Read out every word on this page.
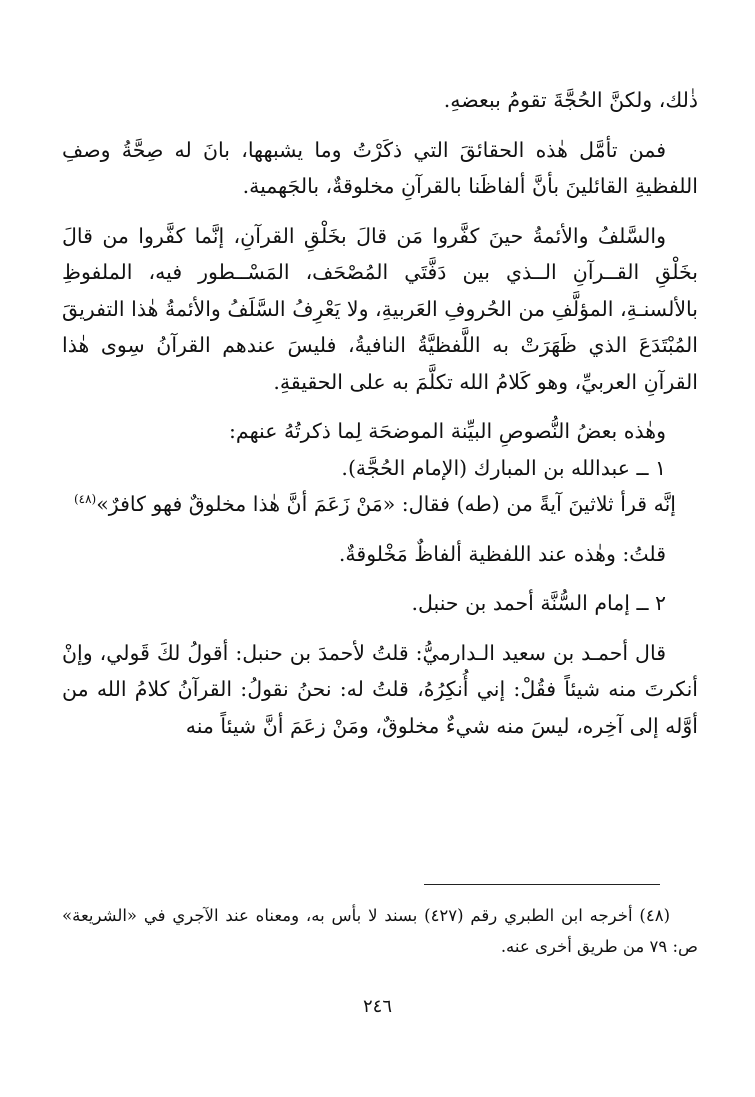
ذٰلك، ولكنَّ الحُجَّةَ تقومُ ببعضهِ.

فمن تأمَّل هٰذه الحقائقَ التي ذكَرْتُ وما يشبهها، بانَ له صِحَّةُ وصفِ اللفظيةِ القائلينَ بأنَّ ألفاظَنا بالقرآنِ مخلوقةٌ، بالجَهمية.

والسَّلفُ والأئمةُ حينَ كفَّروا مَن قالَ بخَلْقِ القرآنِ، إنَّما كفَّروا من قالَ بخَلْقِ القــرآنِ الــذي بين دَفَّتَي المُصْحَف، المَسْــطور فيه، الملفوظِ بالألسنـةِ، المؤلَّفِ من الحُروفِ العَربيةِ، ولا يَعْرِفُ السَّلَفُ والأئمةُ هٰذا التفريقَ المُبْتَدَعَ الذي ظَهَرَتْ به اللَّفظيَّةُ النافيةُ، فليسَ عندهم القرآنُ سِوى هٰذا القرآنِ العربيِّ، وهو كَلامُ الله تكلَّمَ به على الحقيقةِ.

وهٰذه بعضُ النُّصوصِ البيِّنة الموضحَة لِما ذكرتُهُ عنهم:

١ ــ عبدالله بن المبارك (الإمام الحُجَّة).

إنَّه قرأ ثلاثينَ آيةً من (طه) فقال: «مَنْ زَعَمَ أنَّ هٰذا مخلوقٌ فهو كافرٌ»$^{(٤٨)}$

قلتُ: وهٰذه عند اللفظية ألفاظٌ مَخْلوقةٌ.

٢ ــ إمام السُّنَّة أحمد بن حنبل.

قال أحمـد بن سعيد الـدارميُّ: قلتُ لأحمدَ بن حنبل: أقولُ لكَ قَولي، وإنْ أنكرتَ منه شيئاً فقُلْ: إني أُنكِرُهُ، قلتُ له: نحنُ نقولُ: القرآنُ كلامُ الله من أوَّله إلى آخِره، ليسَ منه شيءٌ مخلوقٌ، ومَنْ زعَمَ أنَّ شيئاً منه

(٤٨) أخرجه ابن الطبري رقم (٤٢٧) بسند لا بأس به، ومعناه عند الآجري في «الشريعة» ص: ٧٩ من طريق أخرى عنه.

٢٤٦
